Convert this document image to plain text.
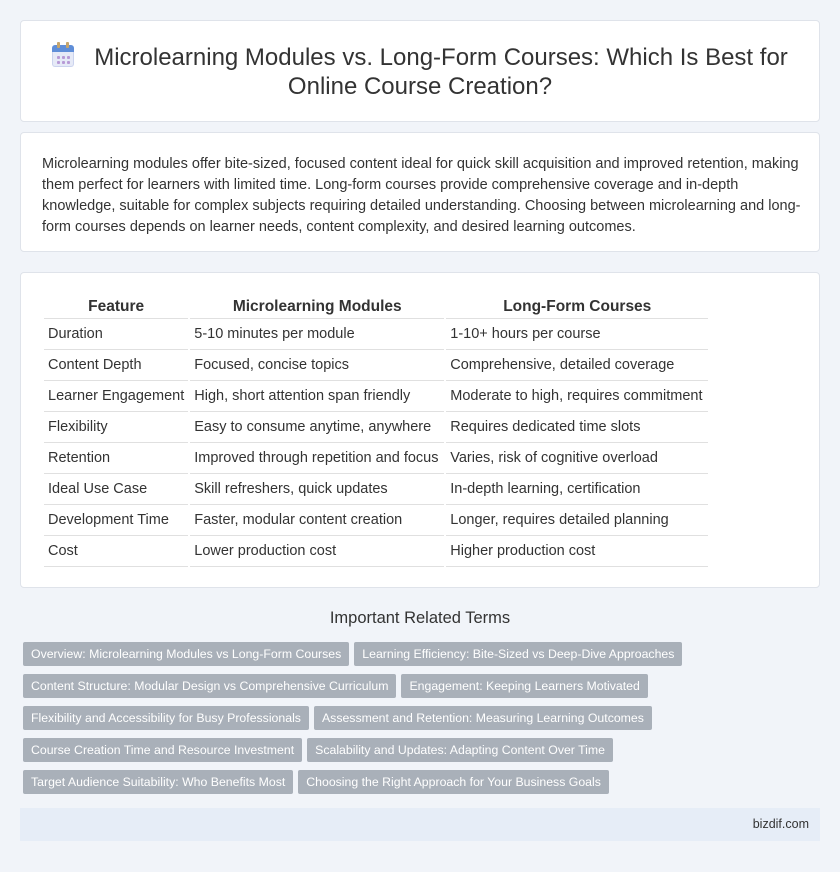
Microlearning Modules vs. Long-Form Courses: Which Is Best for Online Course Creation?

Microlearning modules offer bite-sized, focused content ideal for quick skill acquisition and improved retention, making them perfect for learners with limited time. Long-form courses provide comprehensive coverage and in-depth knowledge, suitable for complex subjects requiring detailed understanding. Choosing between microlearning and long-form courses depends on learner needs, content complexity, and desired learning outcomes.

Feature	Microlearning Modules	Long-Form Courses
Duration	5-10 minutes per module	1-10+ hours per course
Content Depth	Focused, concise topics	Comprehensive, detailed coverage
Learner Engagement	High, short attention span friendly	Moderate to high, requires commitment
Flexibility	Easy to consume anytime, anywhere	Requires dedicated time slots
Retention	Improved through repetition and focus	Varies, risk of cognitive overload
Ideal Use Case	Skill refreshers, quick updates	In-depth learning, certification
Development Time	Faster, modular content creation	Longer, requires detailed planning
Cost	Lower production cost	Higher production cost
Important Related Terms
Overview: Microlearning Modules vs Long-Form Courses Learning Efficiency: Bite-Sized vs Deep-Dive Approaches
Content Structure: Modular Design vs Comprehensive Curriculum Engagement: Keeping Learners Motivated
Flexibility and Accessibility for Busy Professionals Assessment and Retention: Measuring Learning Outcomes
Course Creation Time and Resource Investment Scalability and Updates: Adapting Content Over Time
Target Audience Suitability: Who Benefits Most Choosing the Right Approach for Your Business Goals
bizdif.com
